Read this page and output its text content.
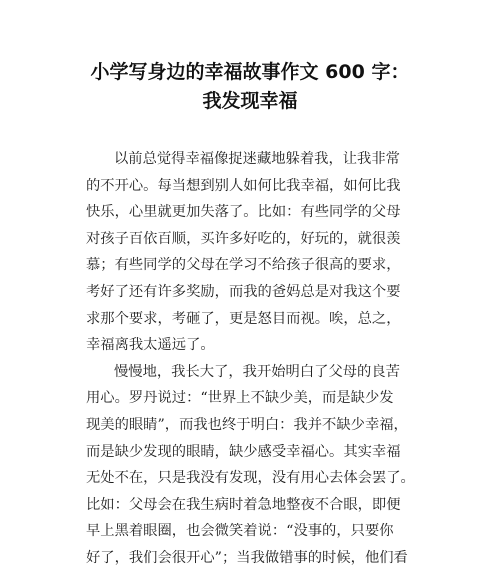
小学写身边的幸福故事作文 600 字：
我发现幸福
以前总觉得幸福像捉迷藏地躲着我，让我非常
的不开心。每当想到别人如何比我幸福，如何比我
快乐，心里就更加失落了。比如：有些同学的父母
对孩子百依百顺，买许多好吃的，好玩的，就很羡
慕；有些同学的父母在学习不给孩子很高的要求，
考好了还有许多奖励，而我的爸妈总是对我这个要
求那个要求，考砸了，更是怒目而视。唉，总之，
幸福离我太遥远了。
慢慢地，我长大了，我开始明白了父母的良苦
用心。罗丹说过：“世界上不缺少美，而是缺少发
现美的眼睛”，而我也终于明白：我并不缺少幸福，
而是缺少发现的眼睛，缺少感受幸福心。其实幸福
无处不在，只是我没有发现，没有用心去体会罢了。
比如：父母会在我生病时着急地整夜不合眼，即便
早上黑着眼圈，也会微笑着说：“没事的，只要你
好了，我们会很开心”；当我做错事的时候，他们看
